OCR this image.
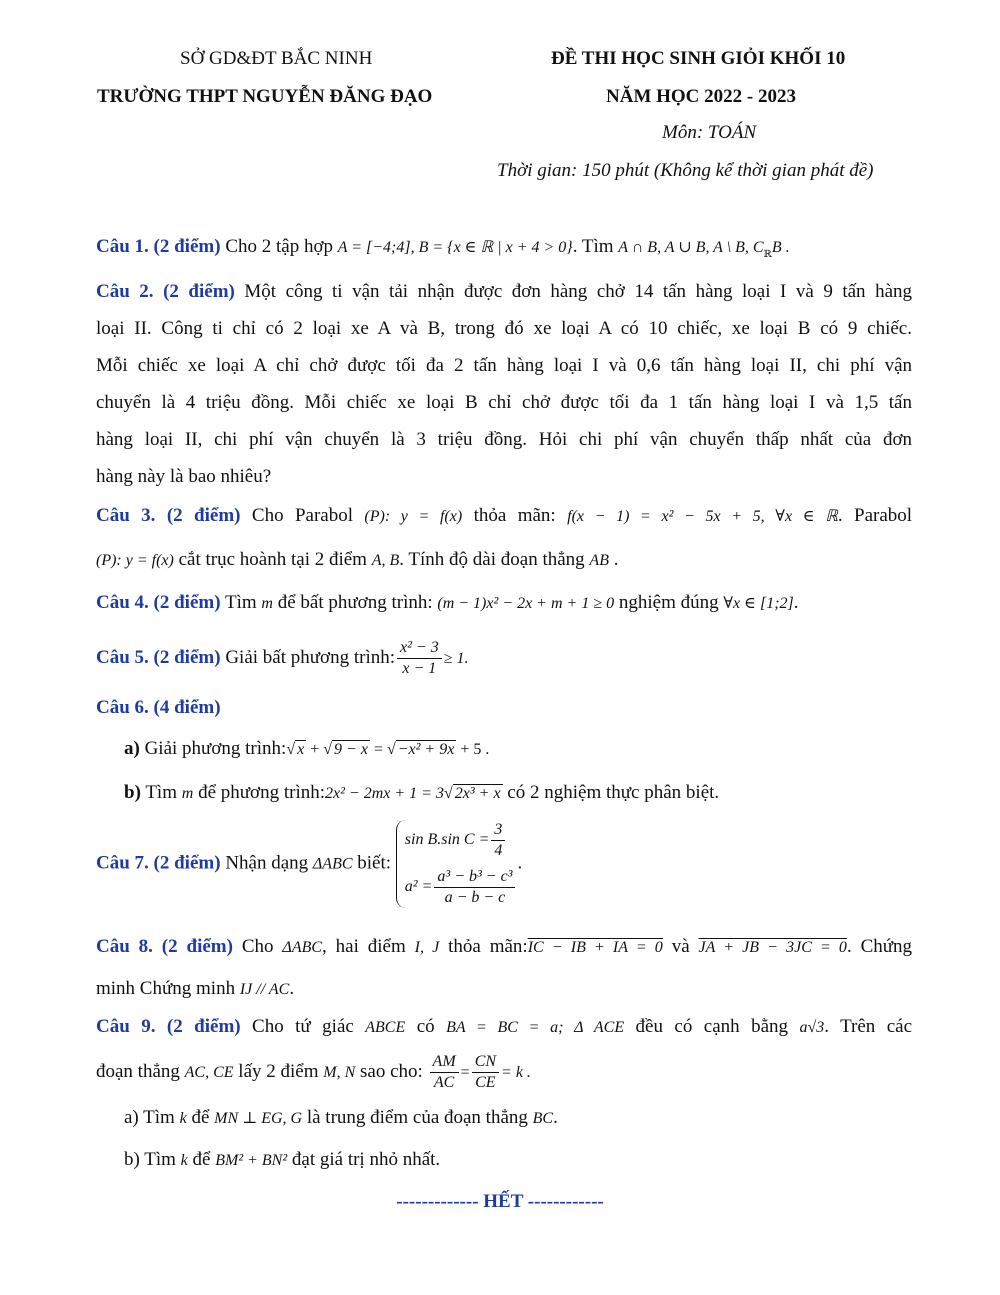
SỞ GD&ĐT BẮC NINH
TRƯỜNG THPT NGUYỄN ĐĂNG ĐẠO
ĐỀ THI HỌC SINH GIỎI KHỐI 10
NĂM HỌC 2022 - 2023
Môn: TOÁN
Thời gian: 150 phút (Không kể thời gian phát đề)
Câu 1. (2 điểm) Cho 2 tập hợp A = [−4;4], B = {x ∈ ℝ | x + 4 > 0}. Tìm A ∩ B, A ∪ B, A \ B, $C_ℝB$ .
Câu 2. (2 điểm) Một công ti vận tải nhận được đơn hàng chở 14 tấn hàng loại I và 9 tấn hàng
loại II. Công ti chỉ có 2 loại xe A và B, trong đó xe loại A có 10 chiếc, xe loại B có 9 chiếc.
Mỗi chiếc xe loại A chỉ chở được tối đa 2 tấn hàng loại I và 0,6 tấn hàng loại II, chi phí vận
chuyển là 4 triệu đồng. Mỗi chiếc xe loại B chỉ chở được tối đa 1 tấn hàng loại I và 1,5 tấn
hàng loại II, chi phí vận chuyển là 3 triệu đồng. Hỏi chi phí vận chuyển thấp nhất của đơn
hàng này là bao nhiêu?
Câu 3. (2 điểm) Cho Parabol (P): y = f(x) thỏa mãn: f(x − 1) = x² − 5x + 5, ∀x ∈ ℝ. Parabol
(P): y = f(x) cắt trục hoành tại 2 điểm A, B. Tính độ dài đoạn thẳng AB .
Câu 4. (2 điểm) Tìm m để bất phương trình: (m − 1)x² − 2x + m + 1 ≥ 0 nghiệm đúng ∀x ∈ [1;2].
Câu 5. (2 điểm) Giải bất phương trình: $\frac{\text{x² − 3}}{x - 1} \ge 1$.
Câu 6. (4 điểm)
a) Giải phương trình:√ x + √ 9 − x = √ −x² + 9x + 5 .
b) Tìm m để phương trình:2x² − 2mx + 1 = 3√ 2x³ + x có 2 nghiệm thực phân biệt.
Câu 7. (2 điểm) Nhận dạng ΔABC biết:
sin B.sin $C = \frac{3}{4}$
$a^2 = \frac{\text{a³ − b³ − c³}}{a - b - c}$
.
Câu 8. (2 điểm) Cho ΔABC, hai điểm I, J thỏa mãn:IC − IB + IA = 0 và JA + JB − 3JC = 0. Chứng
minh Chứng minh IJ // AC.
Câu 9. (2 điểm) Cho tứ giác ABCE có BA = BC = a; Δ ACE đều có cạnh bằng a√3. Trên các
đoạn thẳng AC, CE lấy 2 điểm M, N sao cho: $\frac{AM}{AC} = \frac{CN}{CE} = k$ .
a) Tìm k để MN ⊥ EG, G là trung điểm của đoạn thẳng BC.
b) Tìm k để BM² + BN² đạt giá trị nhỏ nhất.
------------- HẾT ------------
